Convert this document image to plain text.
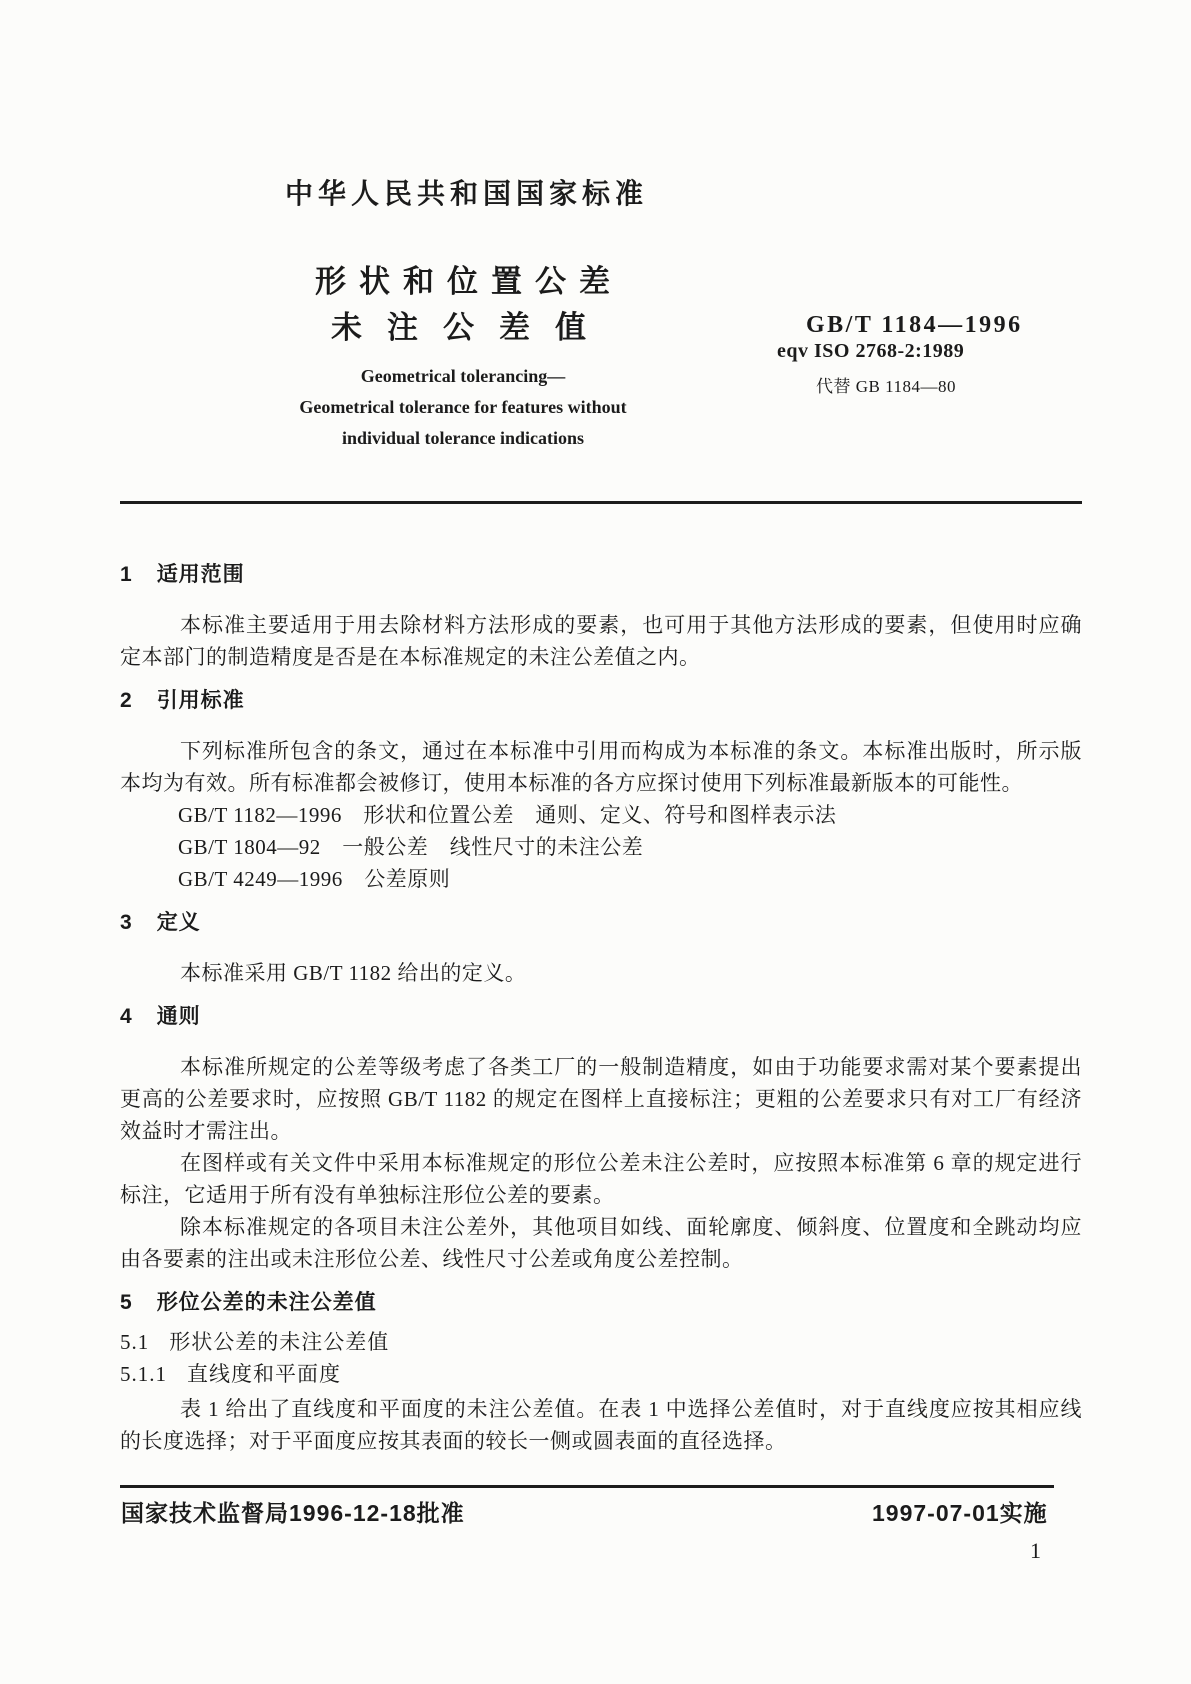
中华人民共和国国家标准
形状和位置公差
未注公差值
Geometrical tolerancing—
Geometrical tolerance for features without
individual tolerance indications
GB/T 1184—1996
eqv ISO 2768-2:1989
代替 GB 1184—80
1 适用范围

本标准主要适用于用去除材料方法形成的要素，也可用于其他方法形成的要素，但使用时应确定本部门的制造精度是否是在本标准规定的未注公差值之内。

2 引用标准

下列标准所包含的条文，通过在本标准中引用而构成为本标准的条文。本标准出版时，所示版本均为有效。所有标准都会被修订，使用本标准的各方应探讨使用下列标准最新版本的可能性。

GB/T 1182—1996　形状和位置公差　通则、定义、符号和图样表示法
GB/T 1804—92　一般公差　线性尺寸的未注公差
GB/T 4249—1996　公差原则
3 定义

本标准采用 GB/T 1182 给出的定义。

4 通则

本标准所规定的公差等级考虑了各类工厂的一般制造精度，如由于功能要求需对某个要素提出更高的公差要求时，应按照 GB/T 1182 的规定在图样上直接标注；更粗的公差要求只有对工厂有经济效益时才需注出。

在图样或有关文件中采用本标准规定的形位公差未注公差时，应按照本标准第 6 章的规定进行标注，它适用于所有没有单独标注形位公差的要素。

除本标准规定的各项目未注公差外，其他项目如线、面轮廓度、倾斜度、位置度和全跳动均应由各要素的注出或未注形位公差、线性尺寸公差或角度公差控制。

5 形位公差的未注公差值
5.1 形状公差的未注公差值
5.1.1 直线度和平面度

表 1 给出了直线度和平面度的未注公差值。在表 1 中选择公差值时，对于直线度应按其相应线的长度选择；对于平面度应按其表面的较长一侧或圆表面的直径选择。

国家技术监督局1996-12-18批准	1997-07-01实施
1
